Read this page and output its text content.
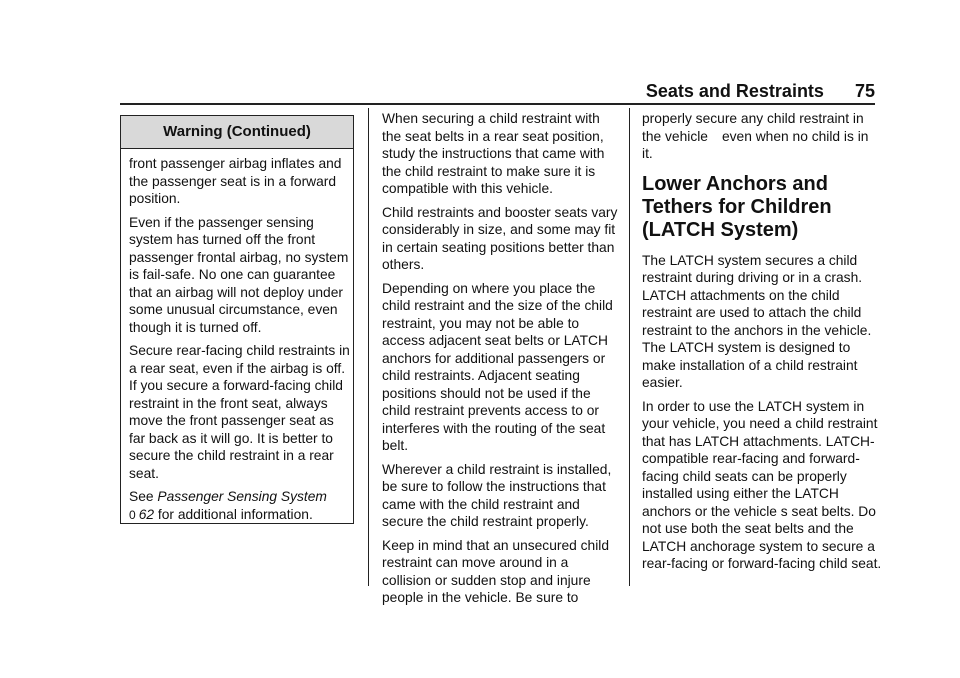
Seats and Restraints 75
Warning (Continued)

front passenger airbag inflates and the passenger seat is in a forward position.

Even if the passenger sensing system has turned off the front passenger frontal airbag, no system is fail-safe. No one can guarantee that an airbag will not deploy under some unusual circumstance, even though it is turned off.

Secure rear-facing child restraints in a rear seat, even if the airbag is off. If you secure a forward-facing child restraint in the front seat, always move the front passenger seat as far back as it will go. It is better to secure the child restraint in a rear seat.

See Passenger Sensing System
0 62 for additional information.

When securing a child restraint with the seat belts in a rear seat position, study the instructions that came with the child restraint to make sure it is compatible with this vehicle.

Child restraints and booster seats vary considerably in size, and some may fit in certain seating positions better than others.

Depending on where you place the child restraint and the size of the child restraint, you may not be able to access adjacent seat belts or LATCH anchors for additional passengers or child restraints. Adjacent seating positions should not be used if the child restraint prevents access to or interferes with the routing of the seat belt.

Wherever a child restraint is installed, be sure to follow the instructions that came with the child restraint and secure the child restraint properly.

Keep in mind that an unsecured child restraint can move around in a collision or sudden stop and injure people in the vehicle. Be sure to

properly secure any child restraint in the vehicle even when no child is in it.

Lower Anchors and Tethers for Children (LATCH System)

The LATCH system secures a child restraint during driving or in a crash. LATCH attachments on the child restraint are used to attach the child restraint to the anchors in the vehicle. The LATCH system is designed to make installation of a child restraint easier.

In order to use the LATCH system in your vehicle, you need a child restraint that has LATCH attachments. LATCH-compatible rear-facing and forward-facing child seats can be properly installed using either the LATCH anchors or the vehicle s seat belts. Do not use both the seat belts and the LATCH anchorage system to secure a rear-facing or forward-facing child seat.
